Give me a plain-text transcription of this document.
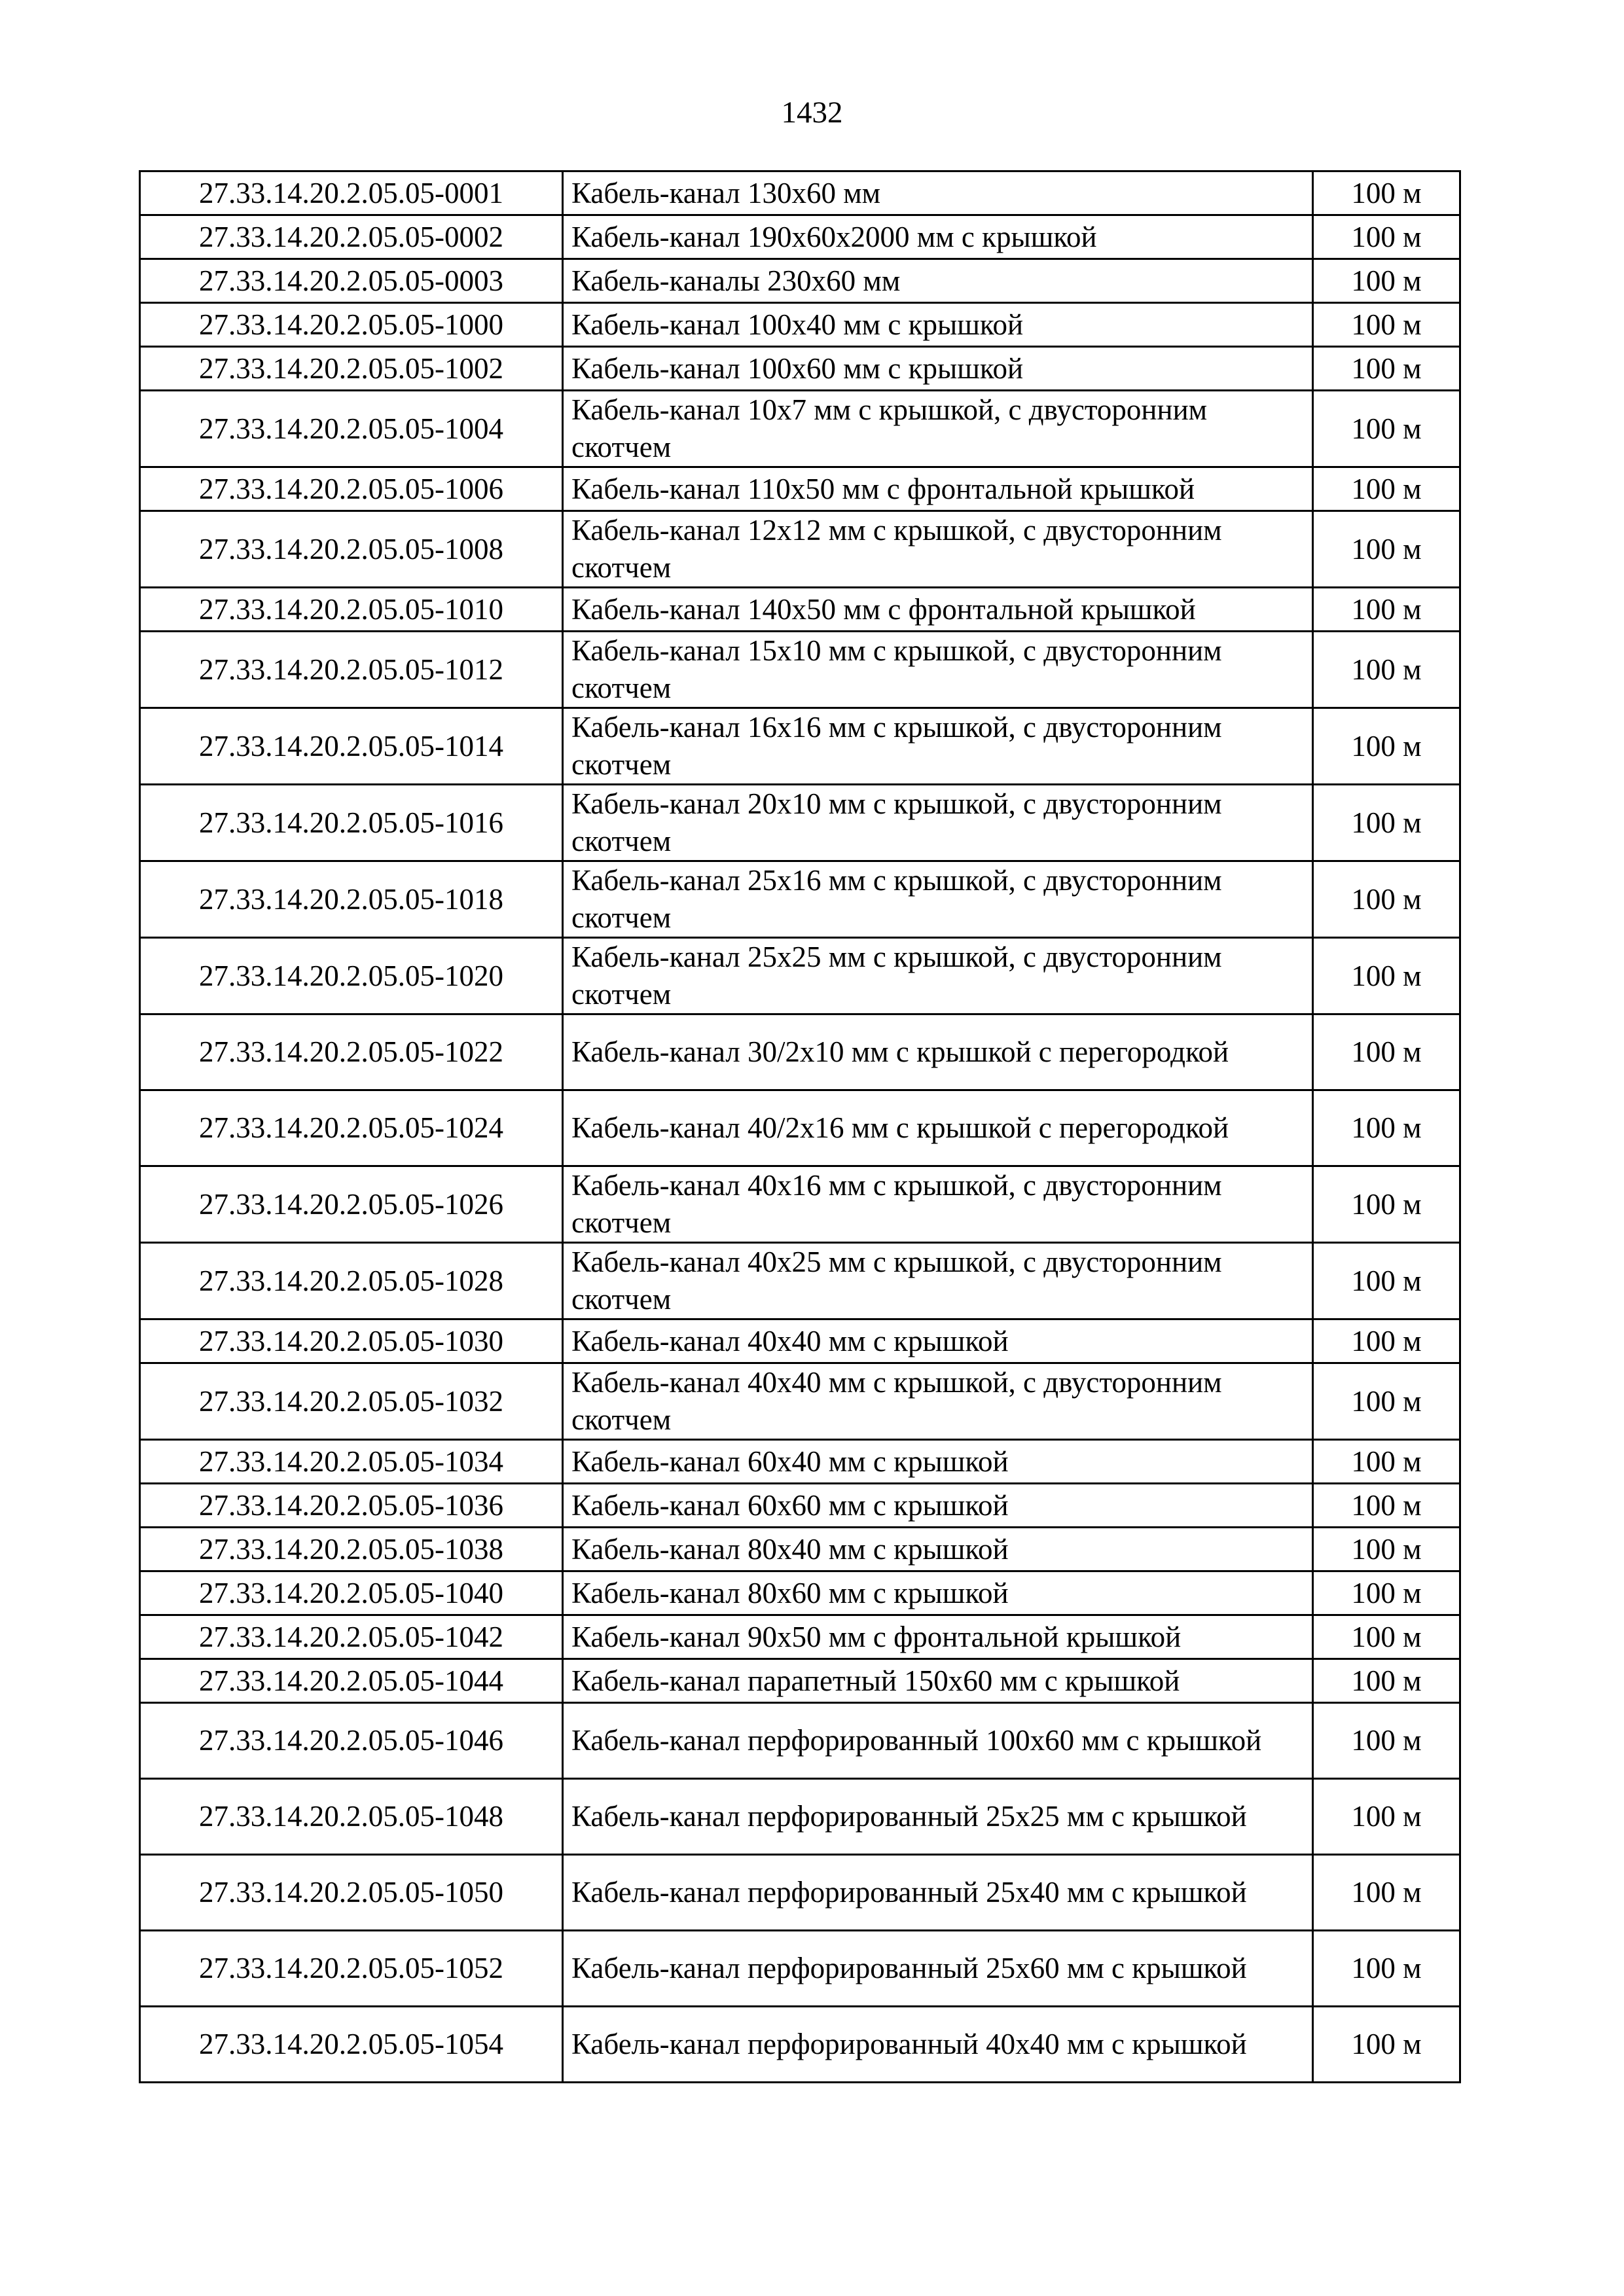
1432
27.33.14.20.2.05.05-0001	Кабель-канал 130х60 мм	100 м
27.33.14.20.2.05.05-0002	Кабель-канал 190х60х2000 мм с крышкой	100 м
27.33.14.20.2.05.05-0003	Кабель-каналы 230х60 мм	100 м
27.33.14.20.2.05.05-1000	Кабель-канал 100х40 мм с крышкой	100 м
27.33.14.20.2.05.05-1002	Кабель-канал 100х60 мм с крышкой	100 м
27.33.14.20.2.05.05-1004	Кабель-канал 10х7 мм с крышкой, с двусторонним скотчем	100 м
27.33.14.20.2.05.05-1006	Кабель-канал 110х50 мм с фронтальной крышкой	100 м
27.33.14.20.2.05.05-1008	Кабель-канал 12х12 мм с крышкой, с двусторонним скотчем	100 м
27.33.14.20.2.05.05-1010	Кабель-канал 140х50 мм с фронтальной крышкой	100 м
27.33.14.20.2.05.05-1012	Кабель-канал 15х10 мм с крышкой, с двусторонним скотчем	100 м
27.33.14.20.2.05.05-1014	Кабель-канал 16х16 мм с крышкой, с двусторонним скотчем	100 м
27.33.14.20.2.05.05-1016	Кабель-канал 20х10 мм с крышкой, с двусторонним скотчем	100 м
27.33.14.20.2.05.05-1018	Кабель-канал 25х16 мм с крышкой, с двусторонним скотчем	100 м
27.33.14.20.2.05.05-1020	Кабель-канал 25х25 мм с крышкой, с двусторонним скотчем	100 м
27.33.14.20.2.05.05-1022	Кабель-канал 30/2х10 мм с крышкой с перегородкой	100 м
27.33.14.20.2.05.05-1024	Кабель-канал 40/2х16 мм с крышкой с перегородкой	100 м
27.33.14.20.2.05.05-1026	Кабель-канал 40х16 мм с крышкой, с двусторонним скотчем	100 м
27.33.14.20.2.05.05-1028	Кабель-канал 40х25 мм с крышкой, с двусторонним скотчем	100 м
27.33.14.20.2.05.05-1030	Кабель-канал 40х40 мм с крышкой	100 м
27.33.14.20.2.05.05-1032	Кабель-канал 40х40 мм с крышкой, с двусторонним скотчем	100 м
27.33.14.20.2.05.05-1034	Кабель-канал 60х40 мм с крышкой	100 м
27.33.14.20.2.05.05-1036	Кабель-канал 60х60 мм с крышкой	100 м
27.33.14.20.2.05.05-1038	Кабель-канал 80х40 мм с крышкой	100 м
27.33.14.20.2.05.05-1040	Кабель-канал 80х60 мм с крышкой	100 м
27.33.14.20.2.05.05-1042	Кабель-канал 90х50 мм с фронтальной крышкой	100 м
27.33.14.20.2.05.05-1044	Кабель-канал парапетный 150х60 мм с крышкой	100 м
27.33.14.20.2.05.05-1046	Кабель-канал перфорированный 100х60 мм с крышкой	100 м
27.33.14.20.2.05.05-1048	Кабель-канал перфорированный 25х25 мм с крышкой	100 м
27.33.14.20.2.05.05-1050	Кабель-канал перфорированный 25х40 мм с крышкой	100 м
27.33.14.20.2.05.05-1052	Кабель-канал перфорированный 25х60 мм с крышкой	100 м
27.33.14.20.2.05.05-1054	Кабель-канал перфорированный 40х40 мм с крышкой	100 м
